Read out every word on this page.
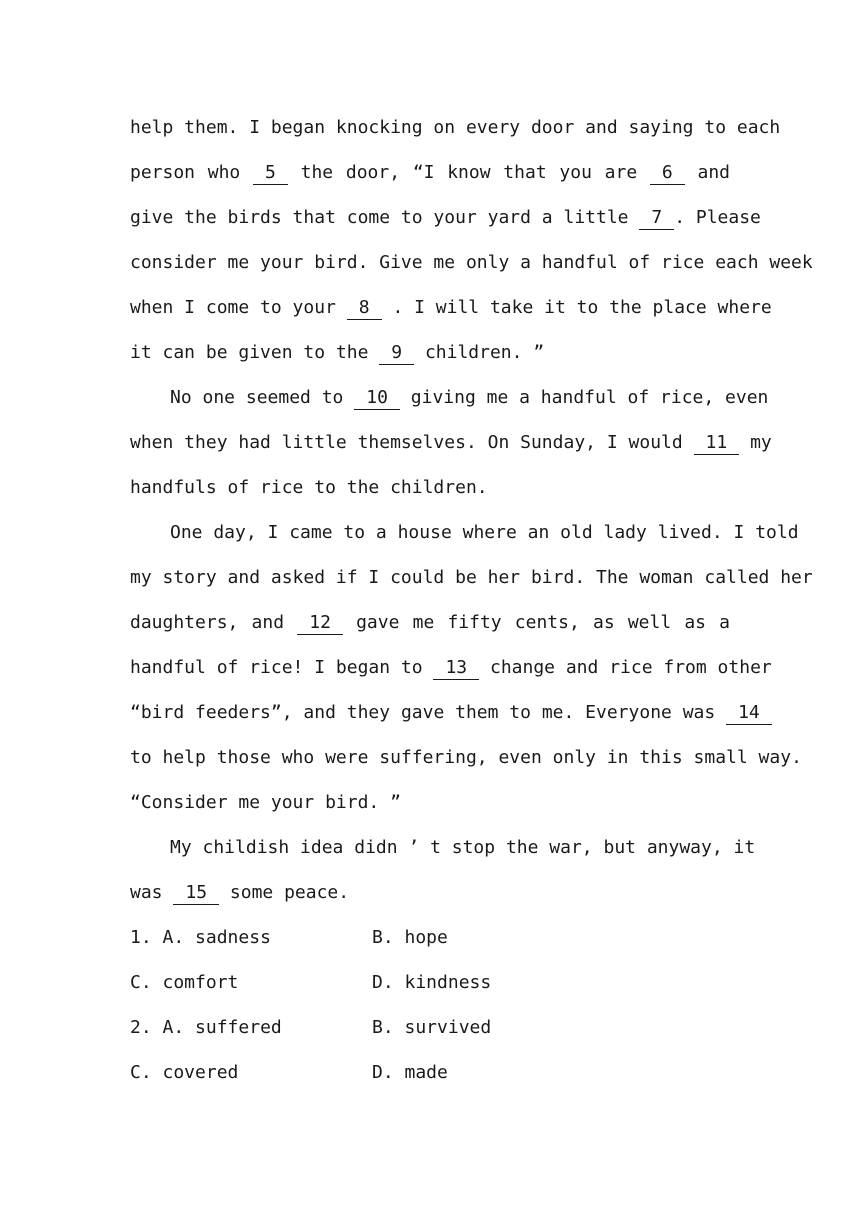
help them. I began knocking on every door and saying to each
person who 5 the door, “I know that you are 6 and
give the birds that come to your yard a little 7 . Please
consider me your bird. Give me only a handful of rice each week
when I come to your 8 . I will take it to the place where
it can be given to the 9 children. ”
No one seemed to 10 giving me a handful of rice, even
when they had little themselves. On Sunday, I would 11 my
handfuls of rice to the children.
One day, I came to a house where an old lady lived. I told
my story and asked if I could be her bird. The woman called her
daughters, and 12 gave me fifty cents, as well as a
handful of rice! I began to 13 change and rice from other
“bird feeders”, and they gave them to me. Everyone was 14
to help those who were suffering, even only in this small way.
“Consider me your bird. ”
My childish idea didn ’ t stop the war, but anyway, it
was 15 some peace.
1. A. sadness	B. hope
C. comfort	D. kindness
2. A. suffered	B. survived
C. covered	D. made
